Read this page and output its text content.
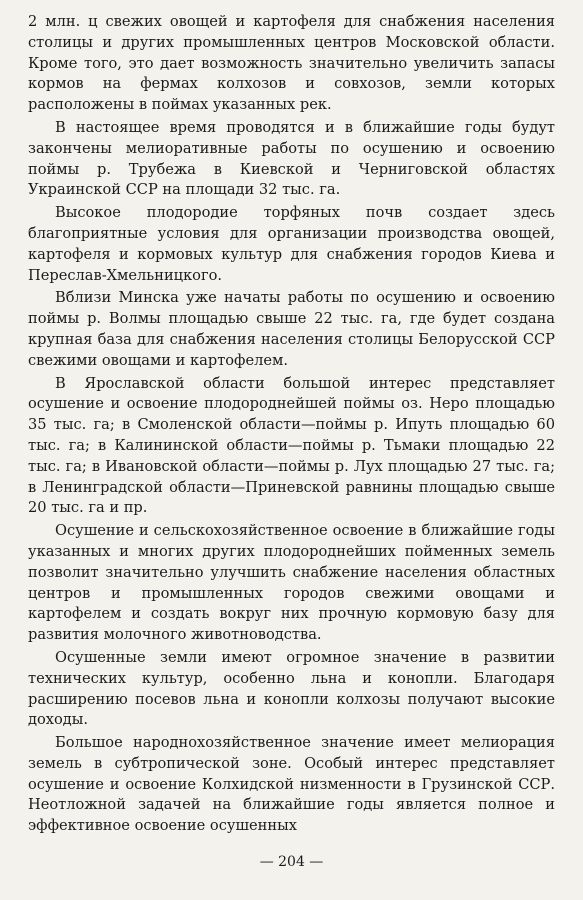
2 млн. ц свежих овощей и картофеля для снабжения населения столицы и других промышленных центров Московской области. Кроме того, это дает возможность значительно увеличить запасы кормов на фермах колхозов и совхозов, земли которых расположены в поймах указанных рек.

В настоящее время проводятся и в ближайшие годы будут закончены мелиоративные работы по осушению и освоению поймы р. Трубежа в Киевской и Черниговской областях Украинской ССР на площади 32 тыс. га.

Высокое плодородие торфяных почв создает здесь благоприятные условия для организации производства овощей, картофеля и кормовых культур для снабжения городов Киева и Переслав-Хмельницкого.

Вблизи Минска уже начаты работы по осушению и освоению поймы р. Волмы площадью свыше 22 тыс. га, где будет создана крупная база для снабжения населения столицы Белорусской ССР свежими овощами и картофелем.

В Ярославской области большой интерес представляет осушение и освоение плодороднейшей поймы оз. Неро площадью 35 тыс. га; в Смоленской области—поймы р. Ипуть площадью 60 тыс. га; в Калининской области—поймы р. Тьмаки площадью 22 тыс. га; в Ивановской области—поймы р. Лух площадью 27 тыс. га; в Ленинградской области—Приневской равнины площадью свыше 20 тыс. га и пр.

Осушение и сельскохозяйственное освоение в ближайшие годы указанных и многих других плодороднейших пойменных земель позволит значительно улучшить снабжение населения областных центров и промышленных городов свежими овощами и картофелем и создать вокруг них прочную кормовую базу для развития молочного животноводства.

Осушенные земли имеют огромное значение в развитии технических культур, особенно льна и конопли. Благодаря расширению посевов льна и конопли колхозы получают высокие доходы.

Большое народнохозяйственное значение имеет мелиорация земель в субтропической зоне. Особый интерес представляет осушение и освоение Колхидской низменности в Грузинской ССР. Неотложной задачей на ближайшие годы является полное и эффективное освоение осушенных

— 204 —
